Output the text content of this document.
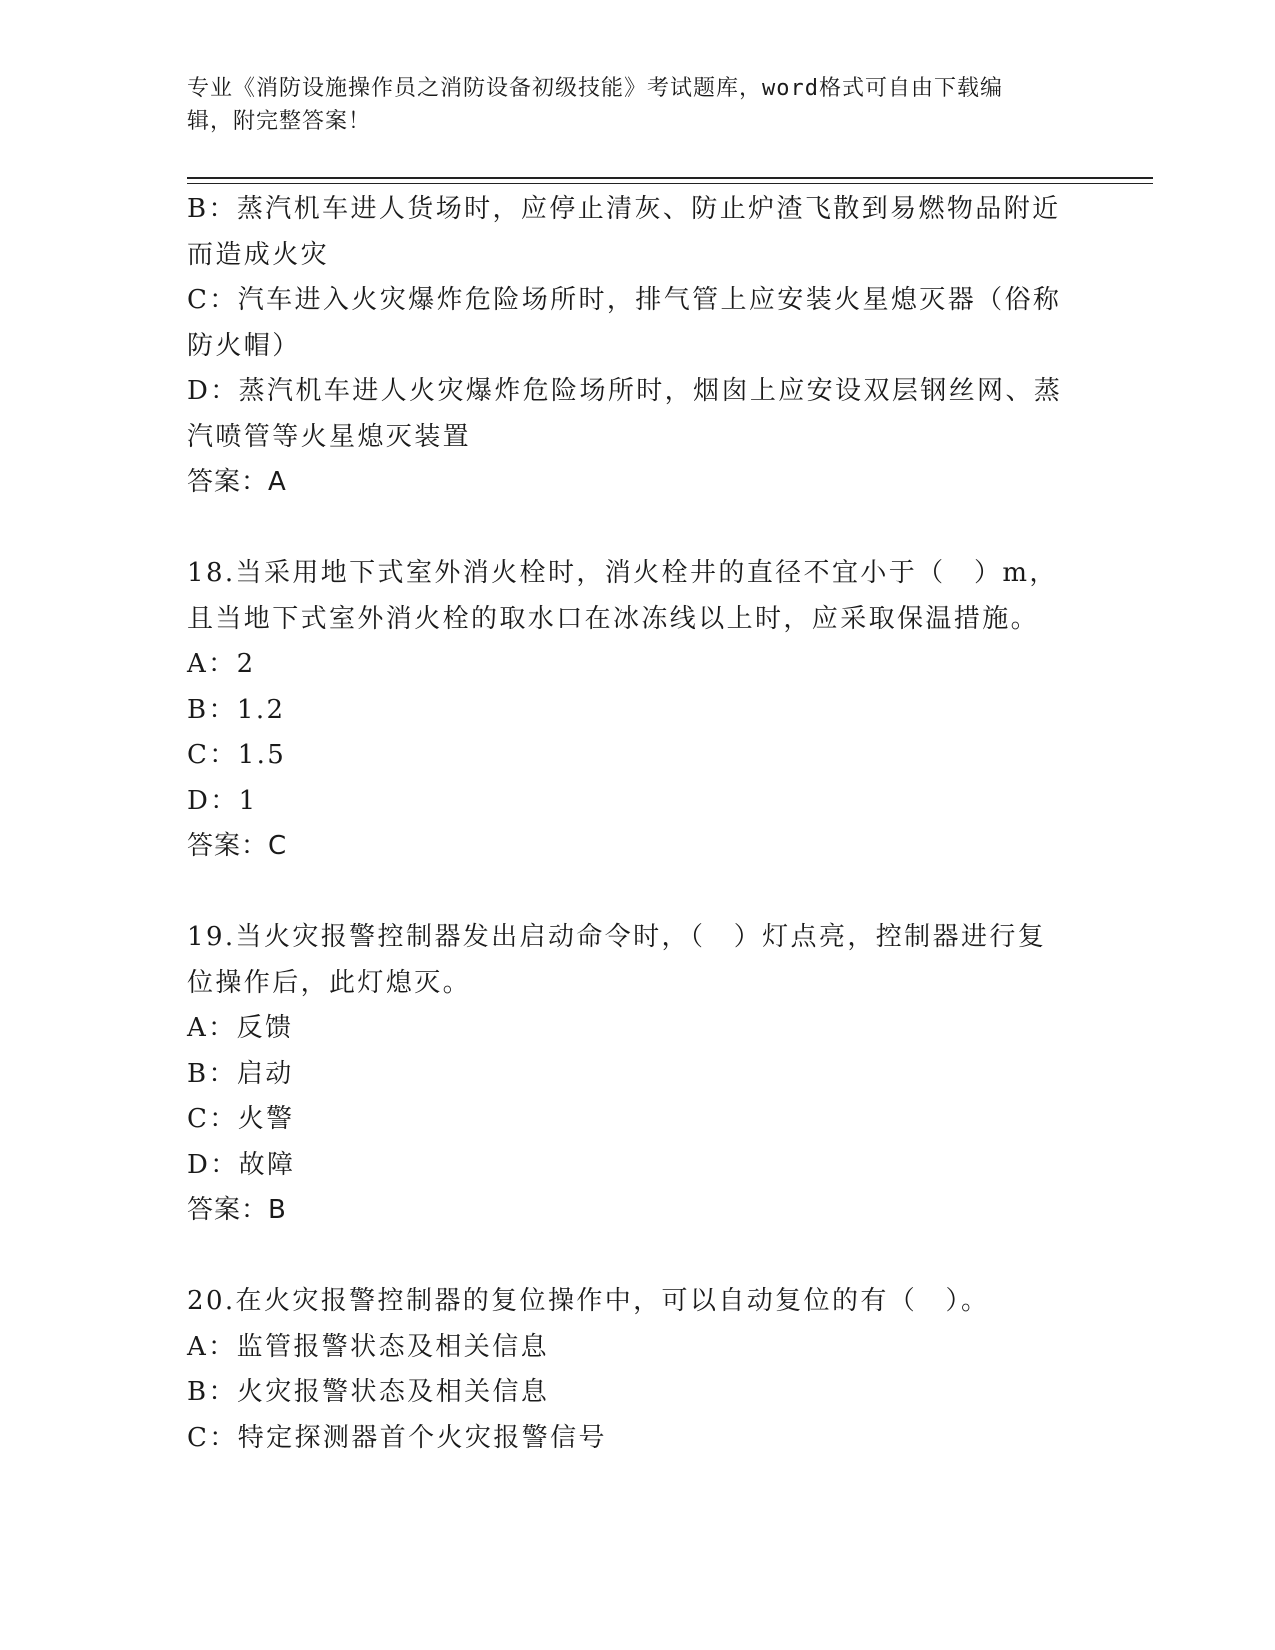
专业《消防设施操作员之消防设备初级技能》考试题库，word格式可自由下载编
辑，附完整答案！
B：蒸汽机车进人货场时，应停止清灰、防止炉渣飞散到易燃物品附近
而造成火灾
C：汽车进入火灾爆炸危险场所时，排气管上应安装火星熄灭器（俗称
防火帽）
D：蒸汽机车进人火灾爆炸危险场所时，烟囱上应安设双层钢丝网、蒸
汽喷管等火星熄灭装置
答案：A
18.当采用地下式室外消火栓时，消火栓井的直径不宜小于（　）m，
且当地下式室外消火栓的取水口在冰冻线以上时，应采取保温措施。
A：2
B：1.2
C：1.5
D：1
答案：C
19.当火灾报警控制器发出启动命令时，（　）灯点亮，控制器进行复
位操作后，此灯熄灭。
A：反馈
B：启动
C：火警
D：故障
答案：B
20.在火灾报警控制器的复位操作中，可以自动复位的有（　）。
A：监管报警状态及相关信息
B：火灾报警状态及相关信息
C：特定探测器首个火灾报警信号
